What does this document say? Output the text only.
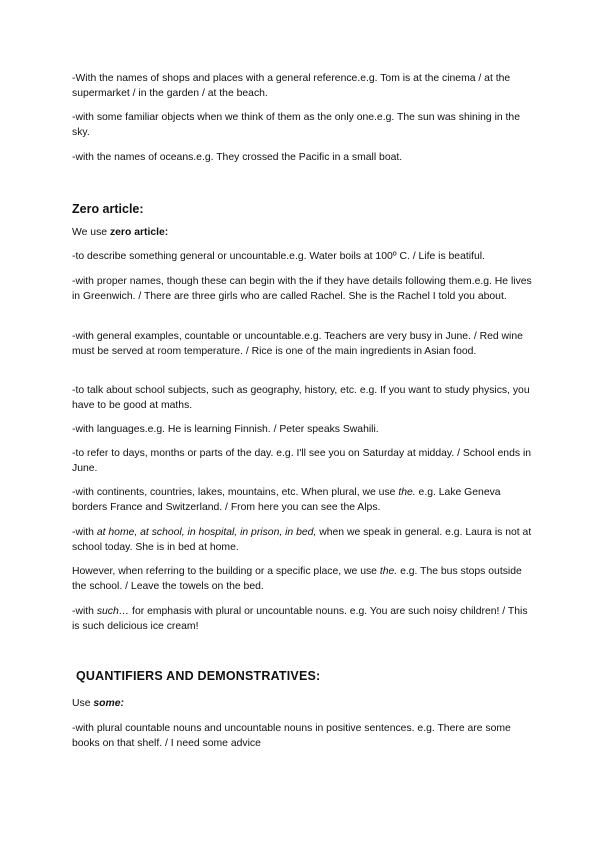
-With the names of shops and places with a general reference.e.g. Tom is at the cinema / at the supermarket / in the garden / at the beach.

-with some familiar objects when we think of them as the only one.e.g. The sun was shining in the sky.

-with the names of oceans.e.g. They crossed the Pacific in a small boat.

Zero article:

We use zero article:

-to describe something general or uncountable.e.g. Water boils at 100º C. / Life is beatiful.

-with proper names, though these can begin with the if they have details following them.e.g. He lives in Greenwich. / There are three girls who are called Rachel. She is the Rachel I told you about.

-with general examples, countable or uncountable.e.g. Teachers are very busy in June. / Red wine must be served at room temperature. / Rice is one of the main ingredients in Asian food.

-to talk about school subjects, such as geography, history, etc. e.g. If you want to study physics, you have to be good at maths.

-with languages.e.g. He is learning Finnish. / Peter speaks Swahili.

-to refer to days, months or parts of the day. e.g. I'll see you on Saturday at midday. / School ends in June.

-with continents, countries, lakes, mountains, etc. When plural, we use the. e.g. Lake Geneva borders France and Switzerland. / From here you can see the Alps.

-with at home, at school, in hospital, in prison, in bed, when we speak in general. e.g. Laura is not at school today. She is in bed at home.

However, when referring to the building or a specific place, we use the. e.g. The bus stops outside the school. / Leave the towels on the bed.

-with such… for emphasis with plural or uncountable nouns. e.g. You are such noisy children! / This is such delicious ice cream!

QUANTIFIERS AND DEMONSTRATIVES:

Use some:

-with plural countable nouns and uncountable nouns in positive sentences. e.g. There are some books on that shelf. / I need some advice
